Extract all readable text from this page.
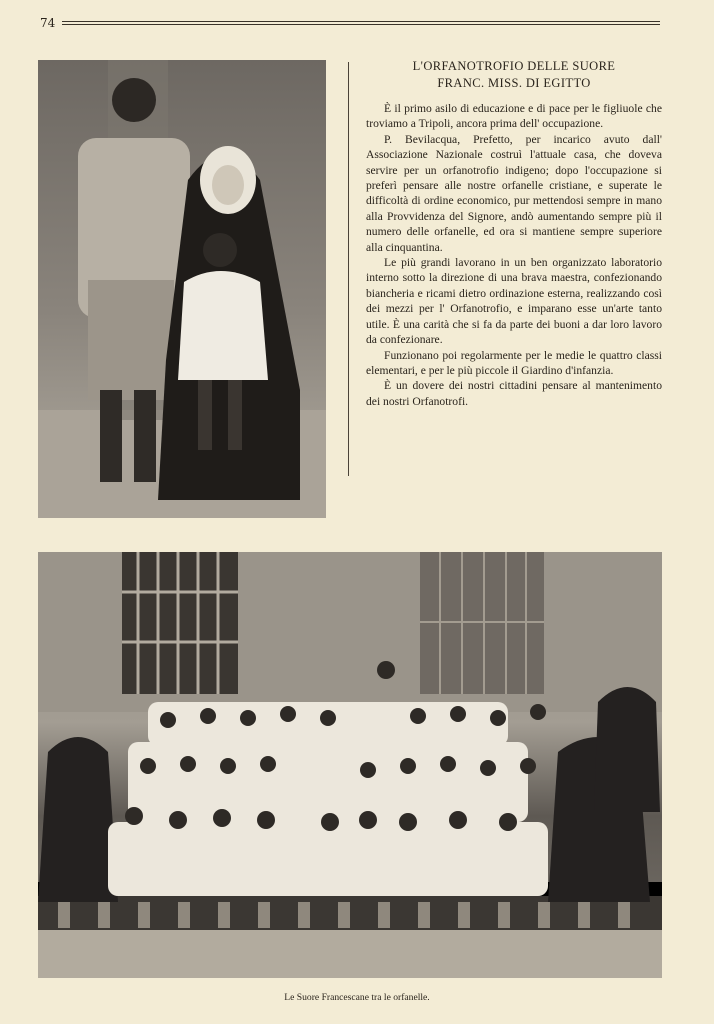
74
L'ORFANOTROFIO DELLE SUORE
FRANC. MISS. DI EGITTO

È il primo asilo di educazione e di pace per le figliuole che troviamo a Tripoli, ancora prima dell' occupazione.

P. Bevilacqua, Prefetto, per incarico avuto dall' Associazione Nazionale costruì l'attuale casa, che doveva servire per un orfanotrofio indigeno; dopo l'occupazione si preferì pensare alle nostre orfanelle cristiane, e superate le difficoltà di ordine economico, pur mettendosi sempre in mano alla Provvidenza del Signore, andò aumentando sempre più il numero delle orfanelle, ed ora si mantiene sempre superiore alla cinquantina.

Le più grandi lavorano in un ben organizzato laboratorio interno sotto la direzione di una brava maestra, confezionando biancheria e ricami dietro ordinazione esterna, realizzando così dei mezzi per l' Orfanotrofio, e imparano esse un'arte tanto utile. È una carità che si fa da parte dei buoni a dar loro lavoro da confezionare.

Funzionano poi regolarmente per le medie le quattro classi elementari, e per le più piccole il Giardino d'infanzia.

È un dovere dei nostri cittadini pensare al mantenimento dei nostri Orfanotrofi.

Le Suore Francescane tra le orfanelle.
